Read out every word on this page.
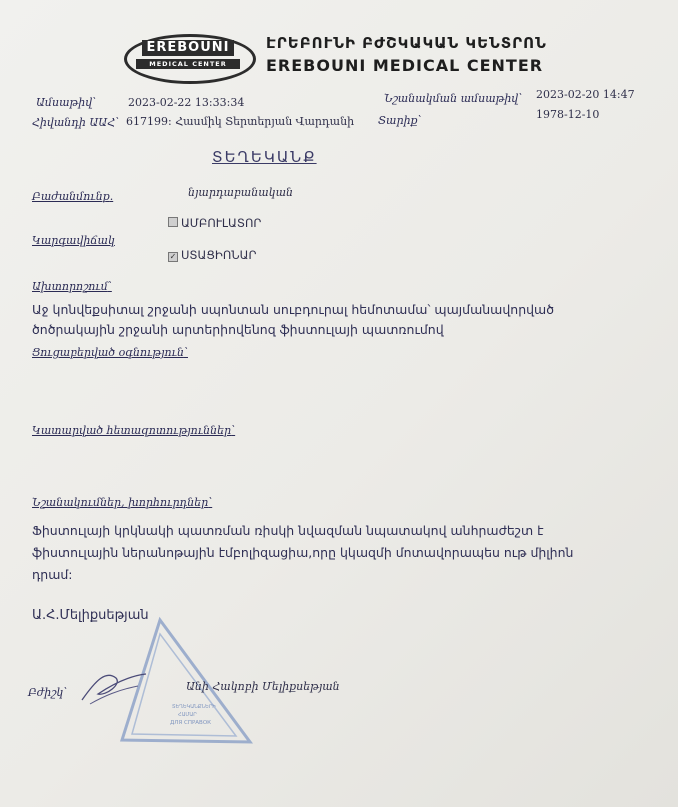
EREBOUNI
MEDICAL CENTER
ԷՐԵԲՈՒՆԻ ԲԺՇԿԱԿԱՆ ԿԵՆՏՐՈՆ
EREBOUNI MEDICAL CENTER
Ամսաթիվ՝	2023-02-22 13:33:34
Հիվանդի ԱԱՀ՝ 617199: Հասմիկ Տերտերյան Վարդանի
Նշանակման ամսաթիվ՝ 2023-02-20 14:47
Տարիք՝	1978-12-10
ՏԵՂԵԿԱՆՔ
Բաժանմունք.	նյարդաբանական
ԱՄԲՈՒԼԱՏՈՐ
Կարգավիճակ
✓ ՍՏԱՑԻՈՆԱՐ
Ախտորոշում՝
Աջ կոնվեքսիտալ շրջանի սպոնտան սուբդուրալ հեմոտամա՝ պայմանավորված
ծոծրակային շրջանի արտերիովենոզ ֆիստուլայի պատռումով
Ցուցաբերված օգնություն՝
Կատարված հետազոտություններ՝
Նշանակումներ, խորհուրդներ՝
Ֆիստուլայի կրկնակի պատռման ռիսկի նվազման նպատակով անհրաժեշտ է
ֆիստուլային ներանոթային էմբոլիզացիա,որը կկազմի մոտավորապես ութ միլիոն
դրամ:
Ա.Հ.Մելիքսեթյան
ՏԵՂԵԿԱՆՔՆԵՐԻ
ՀԱՄԱՐ
ДЛЯ СПРАВОК
Բժիշկ՝	Անի Հակոբի Մելիքսեթյան
